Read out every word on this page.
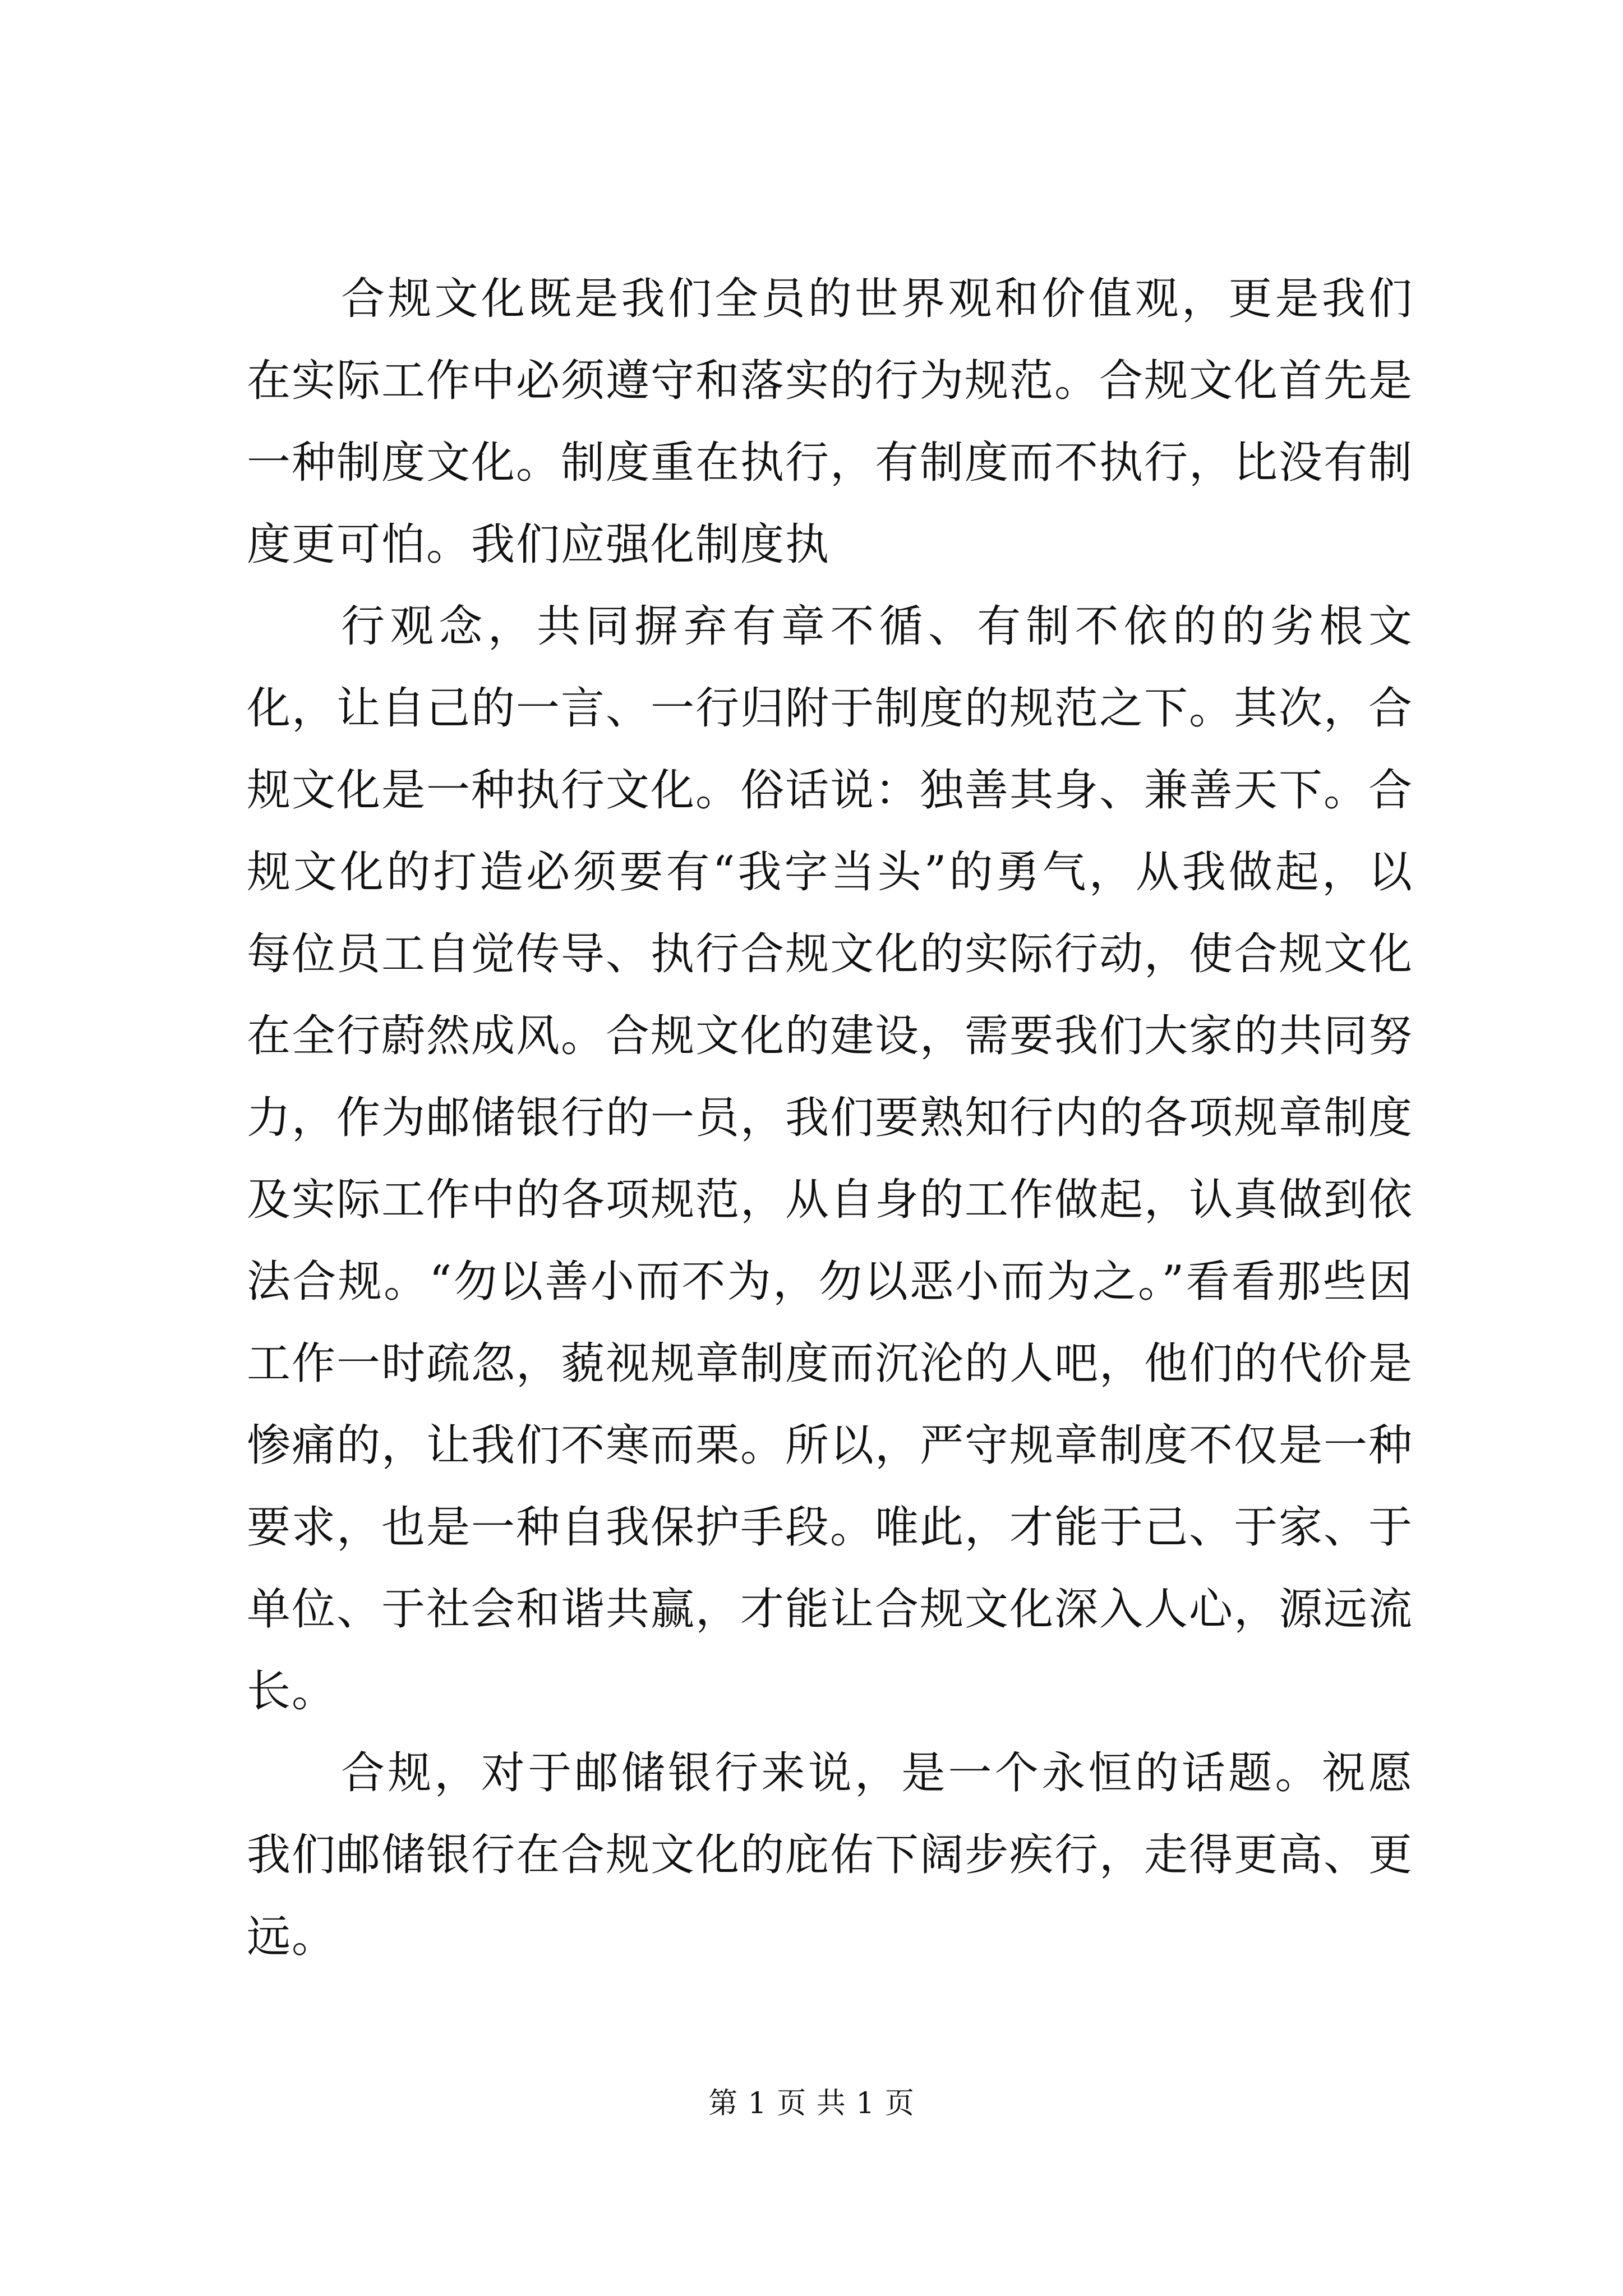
合规文化既是我们全员的世界观和价值观，更是我们在实际工作中必须遵守和落实的行为规范。合规文化首先是一种制度文化。制度重在执行，有制度而不执行，比没有制度更可怕。我们应强化制度执

行观念，共同摒弃有章不循、有制不依的的劣根文化，让自己的一言、一行归附于制度的规范之下。其次，合规文化是一种执行文化。俗话说：独善其身、兼善天下。合规文化的打造必须要有“我字当头”的勇气，从我做起，以每位员工自觉传导、执行合规文化的实际行动，使合规文化在全行蔚然成风。合规文化的建设，需要我们大家的共同努力，作为邮储银行的一员，我们要熟知行内的各项规章制度及实际工作中的各项规范，从自身的工作做起，认真做到依法合规。“勿以善小而不为，勿以恶小而为之。”看看那些因工作一时疏忽，藐视规章制度而沉沦的人吧，他们的代价是惨痛的，让我们不寒而栗。所以，严守规章制度不仅是一种要求，也是一种自我保护手段。唯此，才能于己、于家、于单位、于社会和谐共赢，才能让合规文化深入人心，源远流长。

合规，对于邮储银行来说，是一个永恒的话题。祝愿我们邮储银行在合规文化的庇佑下阔步疾行，走得更高、更远。

第 1 页 共 1 页
